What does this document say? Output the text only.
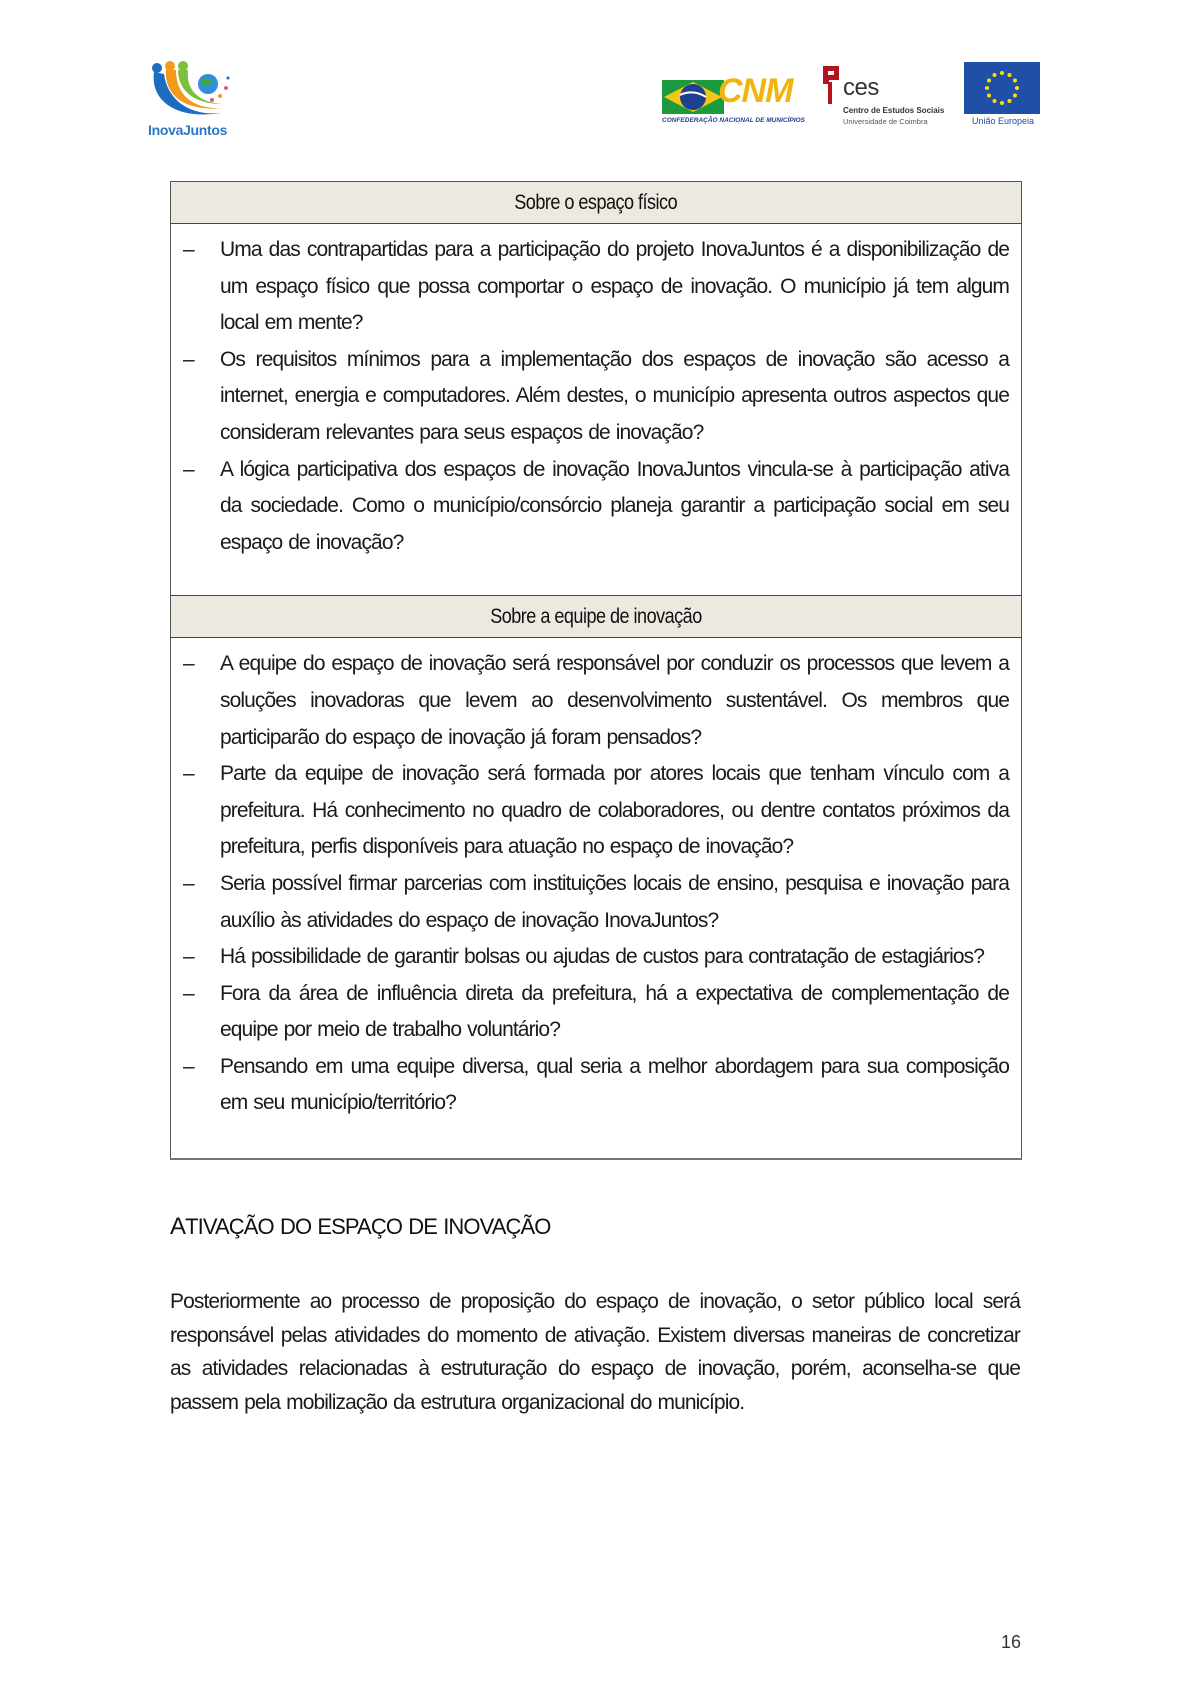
InovaJuntos
CNM
CONFEDERAÇÃO NACIONAL DE MUNICÍPIOS
ces
Centro de Estudos Sociais
Universidade de Coimbra	União Europeia
Sobre o espaço físico
–	Uma das contrapartidas para a participação do projeto InovaJuntos é a disponibilização de um espaço físico que possa comportar o espaço de inovação. O município já tem algum local em mente?
–	Os requisitos mínimos para a implementação dos espaços de inovação são acesso a internet, energia e computadores. Além destes, o município apresenta outros aspectos que consideram relevantes para seus espaços de inovação?
–	A lógica participativa dos espaços de inovação InovaJuntos vincula-se à participação ativa da sociedade. Como o município/consórcio planeja garantir a participação social em seu espaço de inovação?
Sobre a equipe de inovação
–	A equipe do espaço de inovação será responsável por conduzir os processos que levem a soluções inovadoras que levem ao desenvolvimento sustentável. Os membros que participarão do espaço de inovação já foram pensados?
–	Parte da equipe de inovação será formada por atores locais que tenham vínculo com a prefeitura. Há conhecimento no quadro de colaboradores, ou dentre contatos próximos da prefeitura, perfis disponíveis para atuação no espaço de inovação?
–	Seria possível firmar parcerias com instituições locais de ensino, pesquisa e inovação para auxílio às atividades do espaço de inovação InovaJuntos?
–	Há possibilidade de garantir bolsas ou ajudas de custos para contratação de estagiários?
–	Fora da área de influência direta da prefeitura, há a expectativa de complementação de equipe por meio de trabalho voluntário?
–	Pensando em uma equipe diversa, qual seria a melhor abordagem para sua composição em seu município/território?
ATIVAÇÃO DO ESPAÇO DE INOVAÇÃO

Posteriormente ao processo de proposição do espaço de inovação, o setor público local será responsável pelas atividades do momento de ativação. Existem diversas maneiras de concretizar as atividades relacionadas à estruturação do espaço de inovação, porém, aconselha-se que passem pela mobilização da estrutura organizacional do município.

16
